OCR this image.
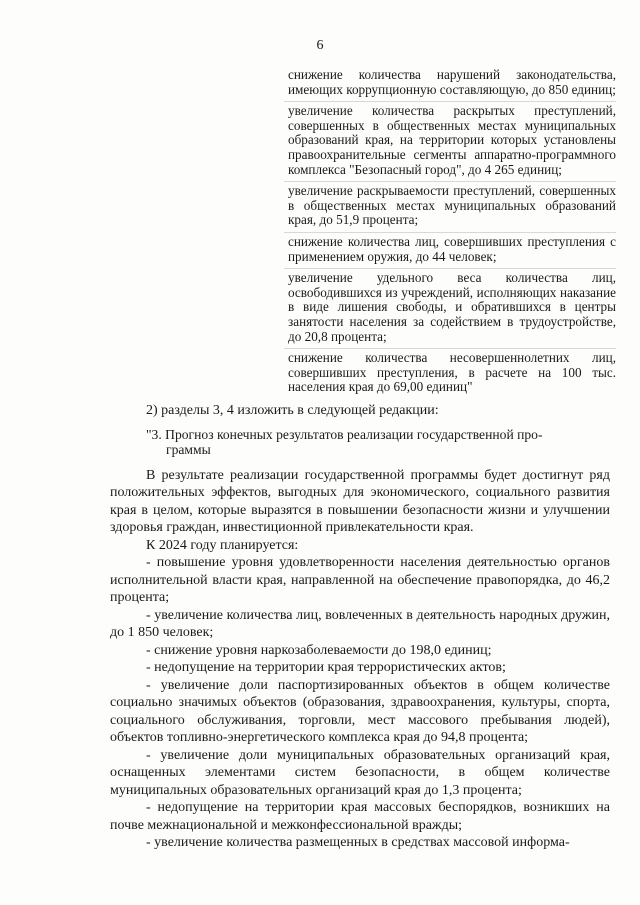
6
снижение количества нарушений законодательства, имеющих коррупционную составляющую, до 850 единиц;
увеличение количества раскрытых преступлений, совершенных в общественных местах муниципальных образований края, на территории которых установлены правоохранительные сегменты аппаратно-программного комплекса "Безопасный город", до 4 265 единиц;
увеличение раскрываемости преступлений, совершенных в общественных местах муниципальных образований края, до 51,9 процента;
снижение количества лиц, совершивших преступления с применением оружия, до 44 человек;
увеличение удельного веса количества лиц, освободившихся из учреждений, исполняющих наказание в виде лишения свободы, и обратившихся в центры занятости населения за содействием в трудоустройстве, до 20,8 процента;
снижение количества несовершеннолетних лиц, совершивших преступления, в расчете на 100 тыс. населения края до 69,00 единиц"

2) разделы 3, 4 изложить в следующей редакции:

"3. Прогноз конечных результатов реализации государственной про-
граммы

В результате реализации государственной программы будет достигнут ряд положительных эффектов, выгодных для экономического, социального развития края в целом, которые выразятся в повышении безопасности жизни и улучшении здоровья граждан, инвестиционной привлекательности края.

К 2024 году планируется:

- повышение уровня удовлетворенности населения деятельностью органов исполнительной власти края, направленной на обеспечение правопорядка, до 46,2 процента;

- увеличение количества лиц, вовлеченных в деятельность народных дружин, до 1 850 человек;

- снижение уровня наркозаболеваемости до 198,0 единиц;

- недопущение на территории края террористических актов;

- увеличение доли паспортизированных объектов в общем количестве социально значимых объектов (образования, здравоохранения, культуры, спорта, социального обслуживания, торговли, мест массового пребывания людей), объектов топливно-энергетического комплекса края до 94,8 процента;

- увеличение доли муниципальных образовательных организаций края, оснащенных элементами систем безопасности, в общем количестве муниципальных образовательных организаций края до 1,3 процента;

- недопущение на территории края массовых беспорядков, возникших на почве межнациональной и межконфессиональной вражды;

- увеличение количества размещенных в средствах массовой информа-
